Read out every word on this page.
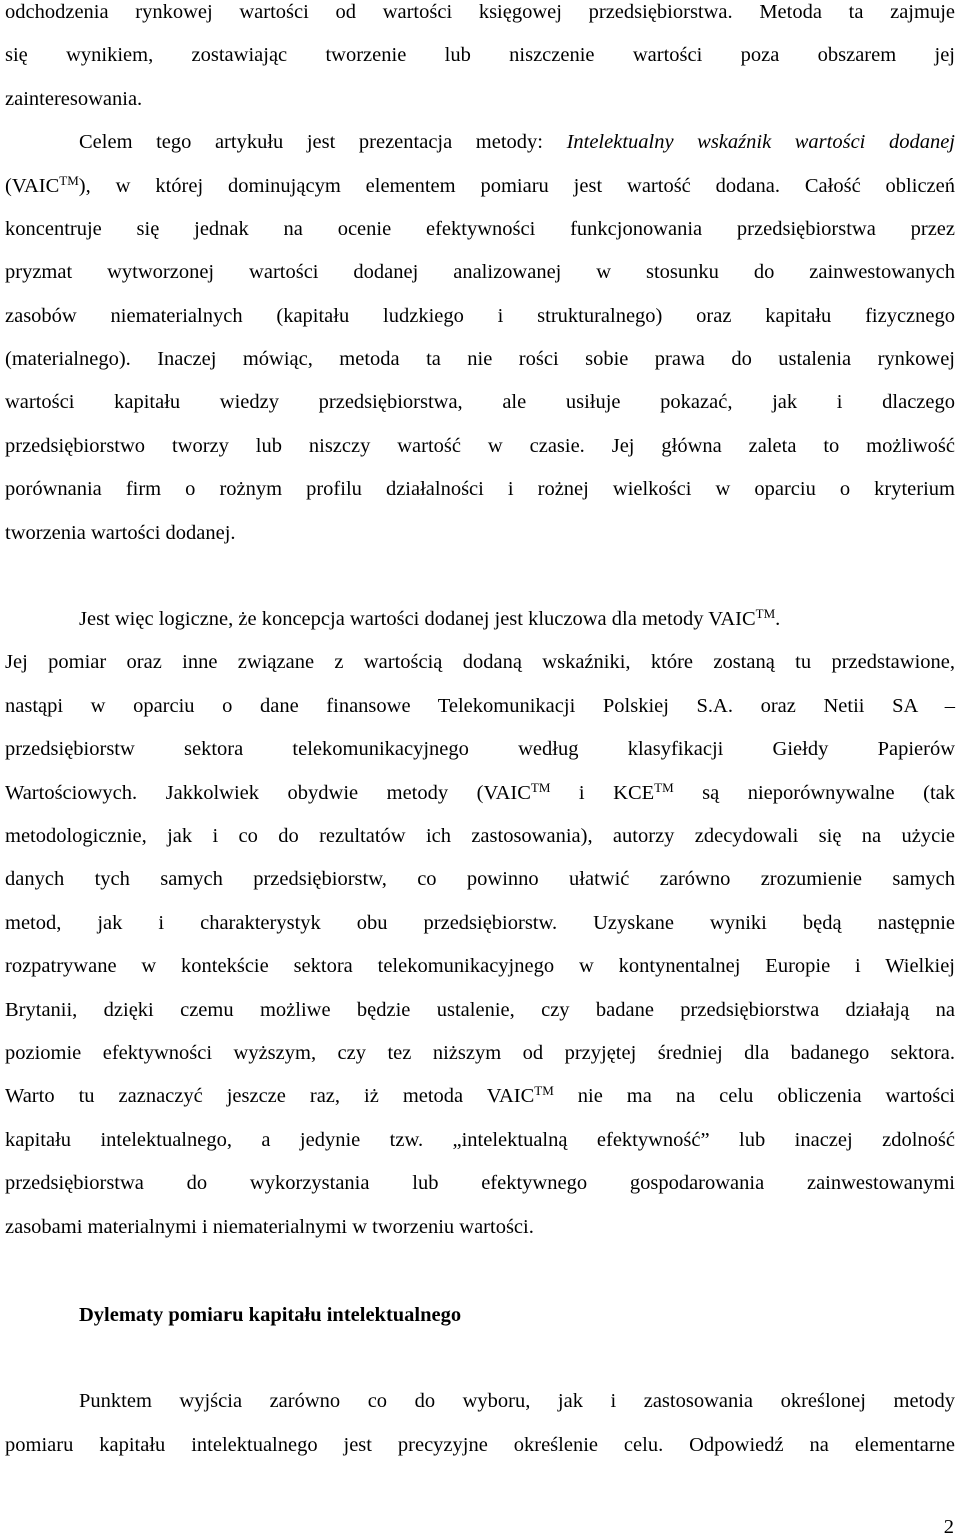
odchodzenia rynkowej wartości od wartości księgowej przedsiębiorstwa. Metoda ta zajmuje
się wynikiem, zostawiając tworzenie lub niszczenie wartości poza obszarem jej
zainteresowania.
Celem tego artykułu jest prezentacja metody: Intelektualny wskaźnik wartości dodanej
(VAIC™), w której dominującym elementem pomiaru jest wartość dodana. Całość obliczeń
koncentruje się jednak na ocenie efektywności funkcjonowania przedsiębiorstwa przez
pryzmat wytworzonej wartości dodanej analizowanej w stosunku do zainwestowanych
zasobów niematerialnych (kapitału ludzkiego i strukturalnego) oraz kapitału fizycznego
(materialnego). Inaczej mówiąc, metoda ta nie rości sobie prawa do ustalenia rynkowej
wartości kapitału wiedzy przedsiębiorstwa, ale usiłuje pokazać, jak i dlaczego
przedsiębiorstwo tworzy lub niszczy wartość w czasie. Jej główna zaleta to możliwość
porównania firm o rożnym profilu działalności i rożnej wielkości w oparciu o kryterium
tworzenia wartości dodanej.
Jest więc logiczne, że koncepcja wartości dodanej jest kluczowa dla metody VAIC™.
Jej pomiar oraz inne związane z wartością dodaną wskaźniki, które zostaną tu przedstawione,
nastąpi w oparciu o dane finansowe Telekomunikacji Polskiej S.A. oraz Netii SA –
przedsiębiorstw sektora telekomunikacyjnego według klasyfikacji Giełdy Papierów
Wartościowych. Jakkolwiek obydwie metody (VAIC™ i KCE™ są nieporównywalne (tak
metodologicznie, jak i co do rezultatów ich zastosowania), autorzy zdecydowali się na użycie
danych tych samych przedsiębiorstw, co powinno ułatwić zarówno zrozumienie samych
metod, jak i charakterystyk obu przedsiębiorstw. Uzyskane wyniki będą następnie
rozpatrywane w kontekście sektora telekomunikacyjnego w kontynentalnej Europie i Wielkiej
Brytanii, dzięki czemu możliwe będzie ustalenie, czy badane przedsiębiorstwa działają na
poziomie efektywności wyższym, czy tez niższym od przyjętej średniej dla badanego sektora.
Warto tu zaznaczyć jeszcze raz, iż metoda VAIC™ nie ma na celu obliczenia wartości
kapitału intelektualnego, a jedynie tzw. „intelektualną efektywność” lub inaczej zdolność
przedsiębiorstwa do wykorzystania lub efektywnego gospodarowania zainwestowanymi
zasobami materialnymi i niematerialnymi w tworzeniu wartości.
Dylematy pomiaru kapitału intelektualnego
Punktem wyjścia zarówno co do wyboru, jak i zastosowania określonej metody
pomiaru kapitału intelektualnego jest precyzyjne określenie celu. Odpowiedź na elementarne
2
